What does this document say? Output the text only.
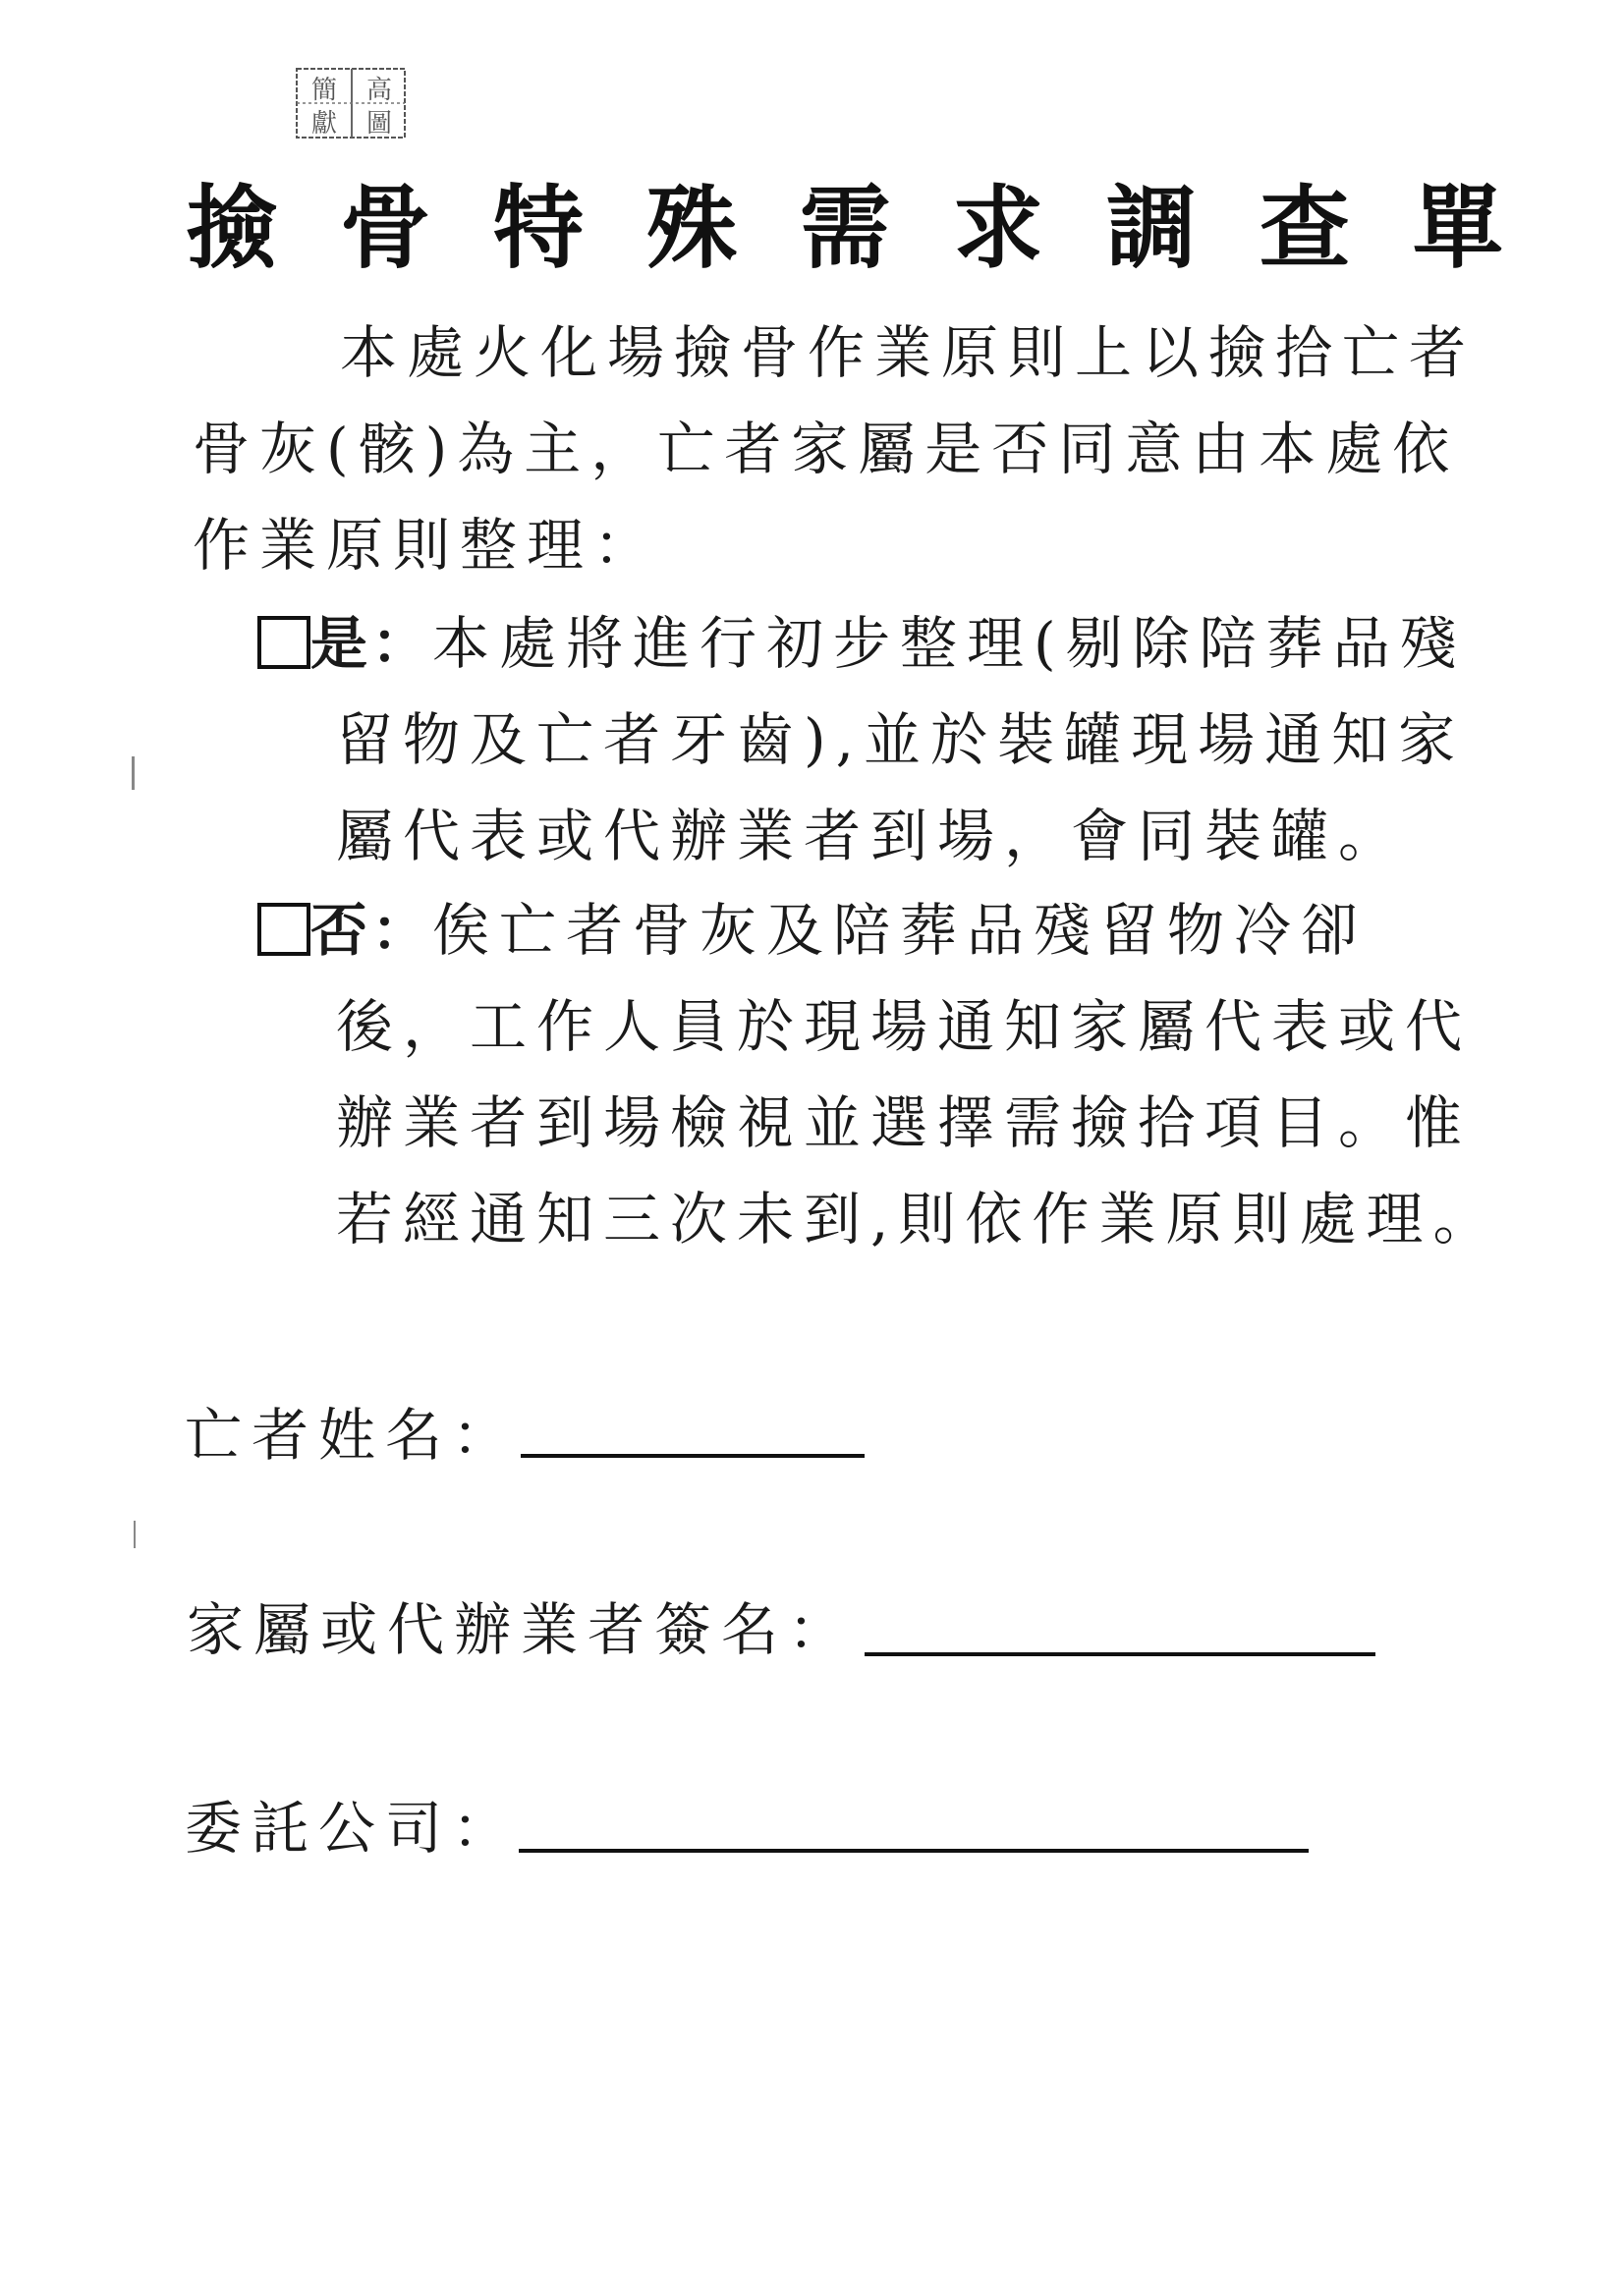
簡 高
獻 圖
撿 骨 特 殊 需 求 調 查 單
本處火化場撿骨作業原則上以撿拾亡者
骨灰(骸)為主，亡者家屬是否同意由本處依
作業原則整理：
是：本處將進行初步整理(剔除陪葬品殘
留物及亡者牙齒),並於裝罐現場通知家
屬代表或代辦業者到場，會同裝罐。
否：俟亡者骨灰及陪葬品殘留物冷卻
後，工作人員於現場通知家屬代表或代
辦業者到場檢視並選擇需撿拾項目。惟
若經通知三次未到,則依作業原則處理。
亡者姓名：
家屬或代辦業者簽名：
委託公司：
